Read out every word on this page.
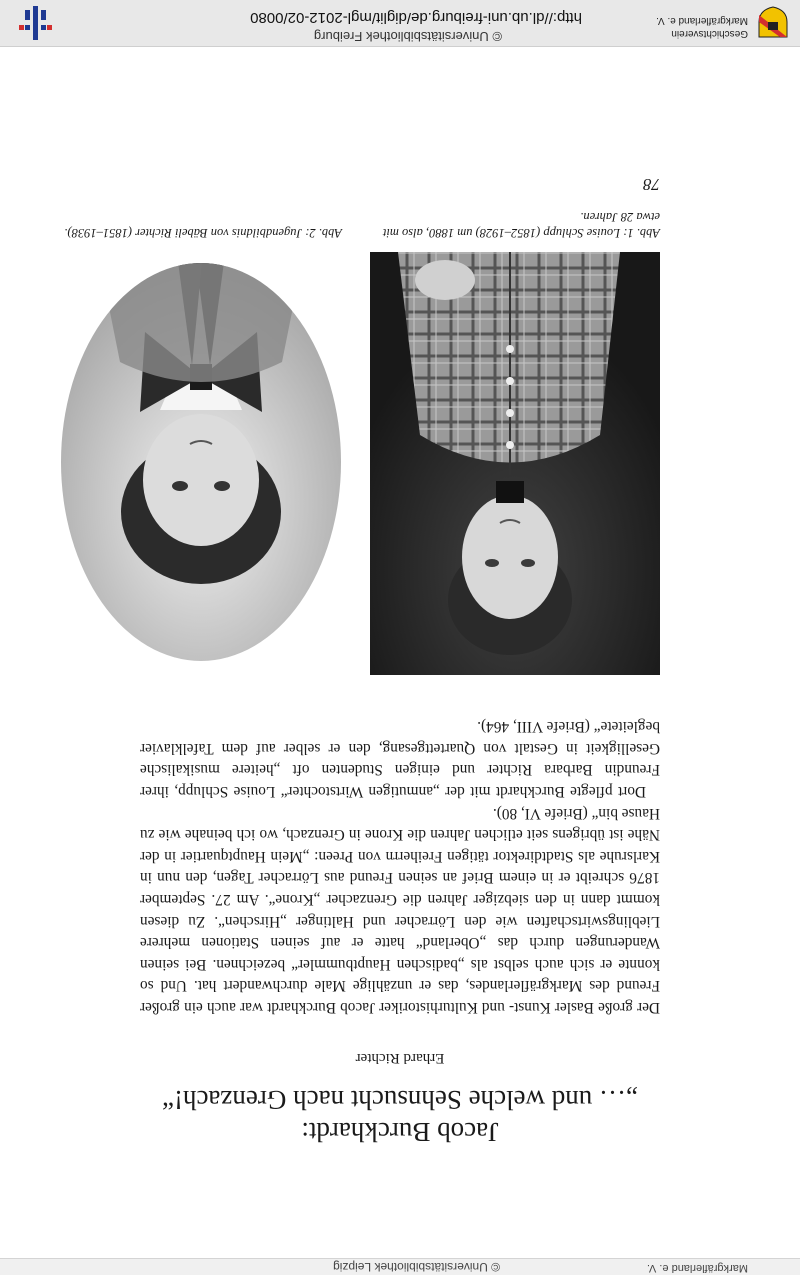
Geschichtsverein Markgräflerland e. V.
© Universitätsbibliothek Freiburg
http://dl.ub.uni-freiburg.de/diglit/mgl-2012-02/0080
Jacob Burckhardt:
„… und welche Sehnsucht nach Grenzach!“
Erhard Richter

Der große Basler Kunst- und Kulturhistoriker Jacob Burckhardt war auch ein großer Freund des Markgräflerlandes, das er unzählige Male durchwandert hat. Und so konnte er sich auch selbst als „badischen Hauptbummler“ bezeichnen. Bei seinen Wanderungen durch das „Oberland“ hatte er auf seinen Stationen mehrere Lieblingswirtschaften wie den Lörracher und Haltinger „Hirschen“. Zu diesen kommt dann in den siebziger Jahren die Grenzacher „Krone“. Am 27. September 1876 schreibt er in einem Brief an seinen Freund aus Lörracher Tagen, den nun in Karlsruhe als Stadtdirektor tätigen Freiherrn von Preen: „Mein Hauptquartier in der Nähe ist übrigens seit etlichen Jahren die Krone in Grenzach, wo ich beinahe wie zu Hause bin“ (Briefe VI, 80).

Dort pflegte Burckhardt mit der „anmutigen Wirtstochter“ Louise Schlupp, ihrer Freundin Barbara Richter und einigen Studenten oft „heitere musikalische Geselligkeit in Gestalt von Quartettgesang, den er selber auf dem Tafelklavier begleitete“ (Briefe VIII, 464).

Abb. 1: Louise Schlupp (1852–1928) um 1880, also mit etwa 28 Jahren.
Abb. 2: Jugendbildnis von Bäbeli Richter (1851–1938).
78
Markgräflerland e. V.
© Universitätsbibliothek Leipzig
